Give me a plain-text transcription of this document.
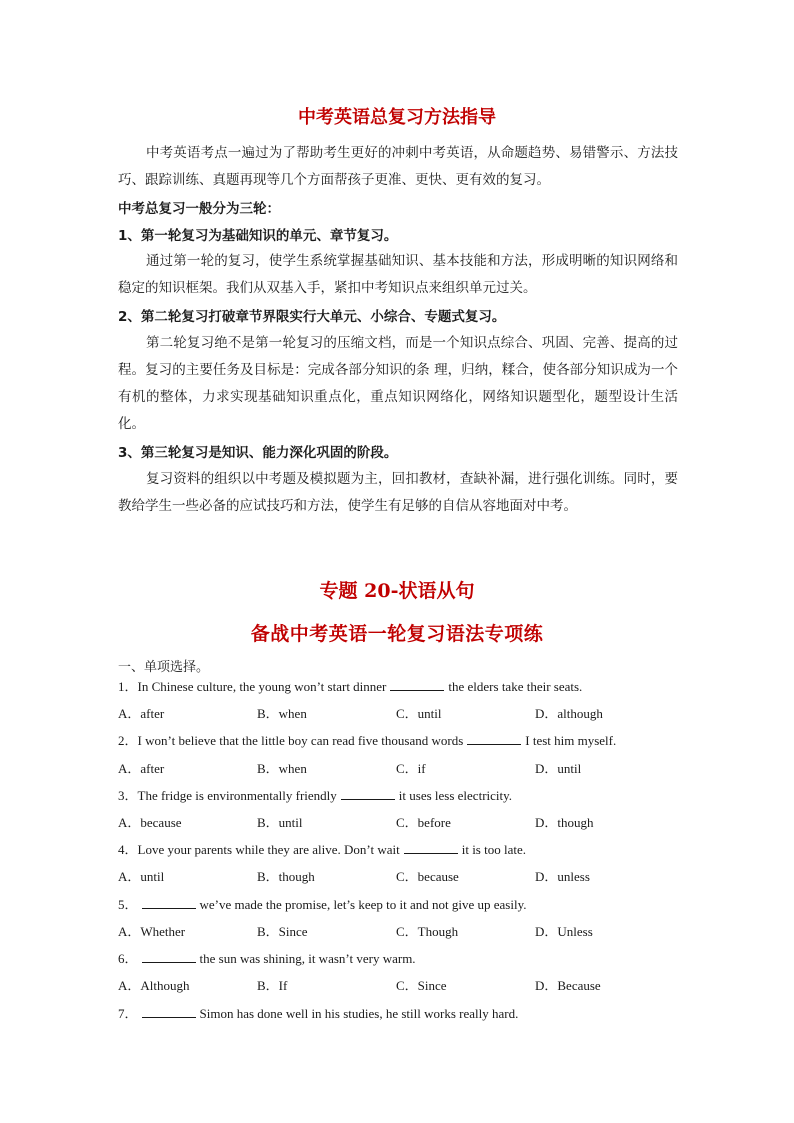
中考英语总复习方法指导

中考英语考点一遍过为了帮助考生更好的冲刺中考英语，从命题趋势、易错警示、方法技巧、跟踪训练、真题再现等几个方面帮孩子更准、更快、更有效的复习。

中考总复习一般分为三轮：
1、第一轮复习为基础知识的单元、章节复习。

通过第一轮的复习，使学生系统掌握基础知识、基本技能和方法，形成明晰的知识网络和稳定的知识框架。我们从双基入手，紧扣中考知识点来组织单元过关。

2、第二轮复习打破章节界限实行大单元、小综合、专题式复习。

第二轮复习绝不是第一轮复习的压缩文档，而是一个知识点综合、巩固、完善、提高的过程。复习的主要任务及目标是：完成各部分知识的条 理，归纳，糅合，使各部分知识成为一个有机的整体，力求实现基础知识重点化，重点知识网络化，网络知识题型化，题型设计生活化。

3、第三轮复习是知识、能力深化巩固的阶段。

复习资料的组织以中考题及模拟题为主，回扣教材，查缺补漏，进行强化训练。同时，要教给学生一些必备的应试技巧和方法，使学生有足够的自信从容地面对中考。

专题 20-状语从句
备战中考英语一轮复习语法专项练
一、单项选择。
1．In Chinese culture, the young won’t start dinner	the elders take their seats.
A．after	B．when	C．until	D．although
2．I won’t believe that the little boy can read five thousand words	I test him myself.
A．after	B．when	C．if	D．until
3．The fridge is environmentally friendly	it uses less electricity.
A．because	B．until	C．before	D．though
4．Love your parents while they are alive. Don’t wait	it is too late.
A．until	B．though	C．because	D．unless
5．	we’ve made the promise, let’s keep to it and not give up easily.
A．Whether	B．Since	C．Though	D．Unless
6．	the sun was shining, it wasn’t very warm.
A．Although	B．If	C．Since	D．Because
7．	Simon has done well in his studies, he still works really hard.
